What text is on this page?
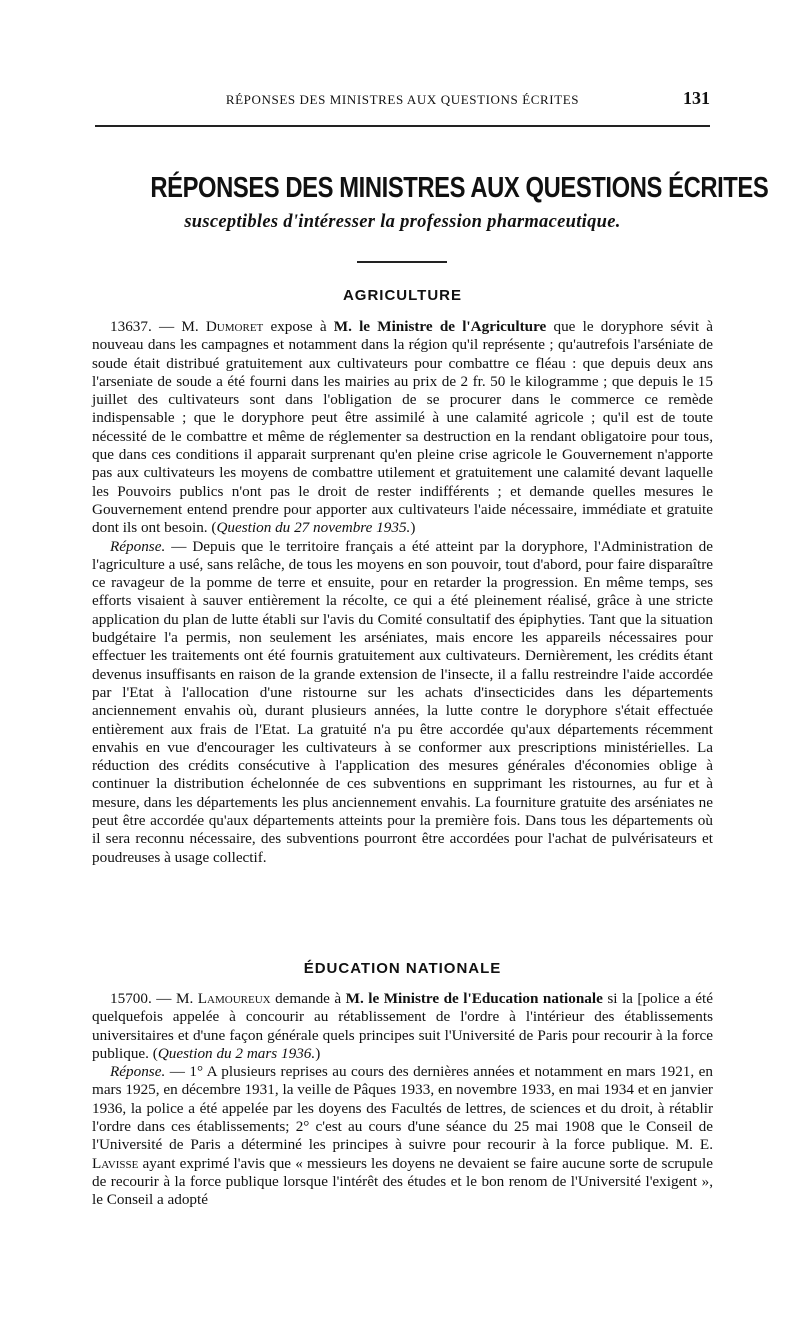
RÉPONSES DES MINISTRES AUX QUESTIONS ÉCRITES	131
RÉPONSES DES MINISTRES AUX QUESTIONS ÉCRITES
susceptibles d'intéresser la profession pharmaceutique.
AGRICULTURE

13637. — M. Dumoret expose à M. le Ministre de l'Agriculture que le doryphore sévit à nouveau dans les campagnes et notamment dans la région qu'il représente ; qu'autrefois l'arséniate de soude était distribué gratuitement aux cultivateurs pour combattre ce fléau : que depuis deux ans l'arseniate de soude a été fourni dans les mairies au prix de 2 fr. 50 le kilogramme ; que depuis le 15 juillet des cultivateurs sont dans l'obligation de se procurer dans le commerce ce remède indispensable ; que le doryphore peut être assimilé à une calamité agricole ; qu'il est de toute nécessité de le combattre et même de réglementer sa destruction en la rendant obligatoire pour tous, que dans ces conditions il apparait surprenant qu'en pleine crise agricole le Gouvernement n'apporte pas aux cultivateurs les moyens de combattre utilement et gratuitement une calamité devant laquelle les Pouvoirs publics n'ont pas le droit de rester indifférents ; et demande quelles mesures le Gouvernement entend prendre pour apporter aux cultivateurs l'aide nécessaire, immédiate et gratuite dont ils ont besoin. (Question du 27 novembre 1935.)

Réponse. — Depuis que le territoire français a été atteint par la doryphore, l'Administration de l'agriculture a usé, sans relâche, de tous les moyens en son pouvoir, tout d'abord, pour faire disparaître ce ravageur de la pomme de terre et ensuite, pour en retarder la progression. En même temps, ses efforts visaient à sauver entièrement la récolte, ce qui a été pleinement réalisé, grâce à une stricte application du plan de lutte établi sur l'avis du Comité consultatif des épiphyties. Tant que la situation budgétaire l'a permis, non seulement les arséniates, mais encore les appareils nécessaires pour effectuer les traitements ont été fournis gratuitement aux cultivateurs. Dernièrement, les crédits étant devenus insuffisants en raison de la grande extension de l'insecte, il a fallu restreindre l'aide accordée par l'Etat à l'allocation d'une ristourne sur les achats d'insecticides dans les départements anciennement envahis où, durant plusieurs années, la lutte contre le doryphore s'était effectuée entièrement aux frais de l'Etat. La gratuité n'a pu être accordée qu'aux départements récemment envahis en vue d'encourager les cultivateurs à se conformer aux prescriptions ministérielles. La réduction des crédits consécutive à l'application des mesures générales d'économies oblige à continuer la distribution échelonnée de ces subventions en supprimant les ristournes, au fur et à mesure, dans les départements les plus anciennement envahis. La fourniture gratuite des arséniates ne peut être accordée qu'aux départements atteints pour la première fois. Dans tous les départements où il sera reconnu nécessaire, des subventions pourront être accordées pour l'achat de pulvérisateurs et poudreuses à usage collectif.

ÉDUCATION NATIONALE

15700. — M. Lamoureux demande à M. le Ministre de l'Education nationale si la [police a été quelquefois appelée à concourir au rétablissement de l'ordre à l'intérieur des établissements universitaires et d'une façon générale quels principes suit l'Université de Paris pour recourir à la force publique. (Question du 2 mars 1936.)

Réponse. — 1° A plusieurs reprises au cours des dernières années et notamment en mars 1921, en mars 1925, en décembre 1931, la veille de Pâques 1933, en novembre 1933, en mai 1934 et en janvier 1936, la police a été appelée par les doyens des Facultés de lettres, de sciences et du droit, à rétablir l'ordre dans ces établissements; 2° c'est au cours d'une séance du 25 mai 1908 que le Conseil de l'Université de Paris a déterminé les principes à suivre pour recourir à la force publique. M. E. Lavisse ayant exprimé l'avis que « messieurs les doyens ne devaient se faire aucune sorte de scrupule de recourir à la force publique lorsque l'intérêt des études et le bon renom de l'Université l'exigent », le Conseil a adopté
